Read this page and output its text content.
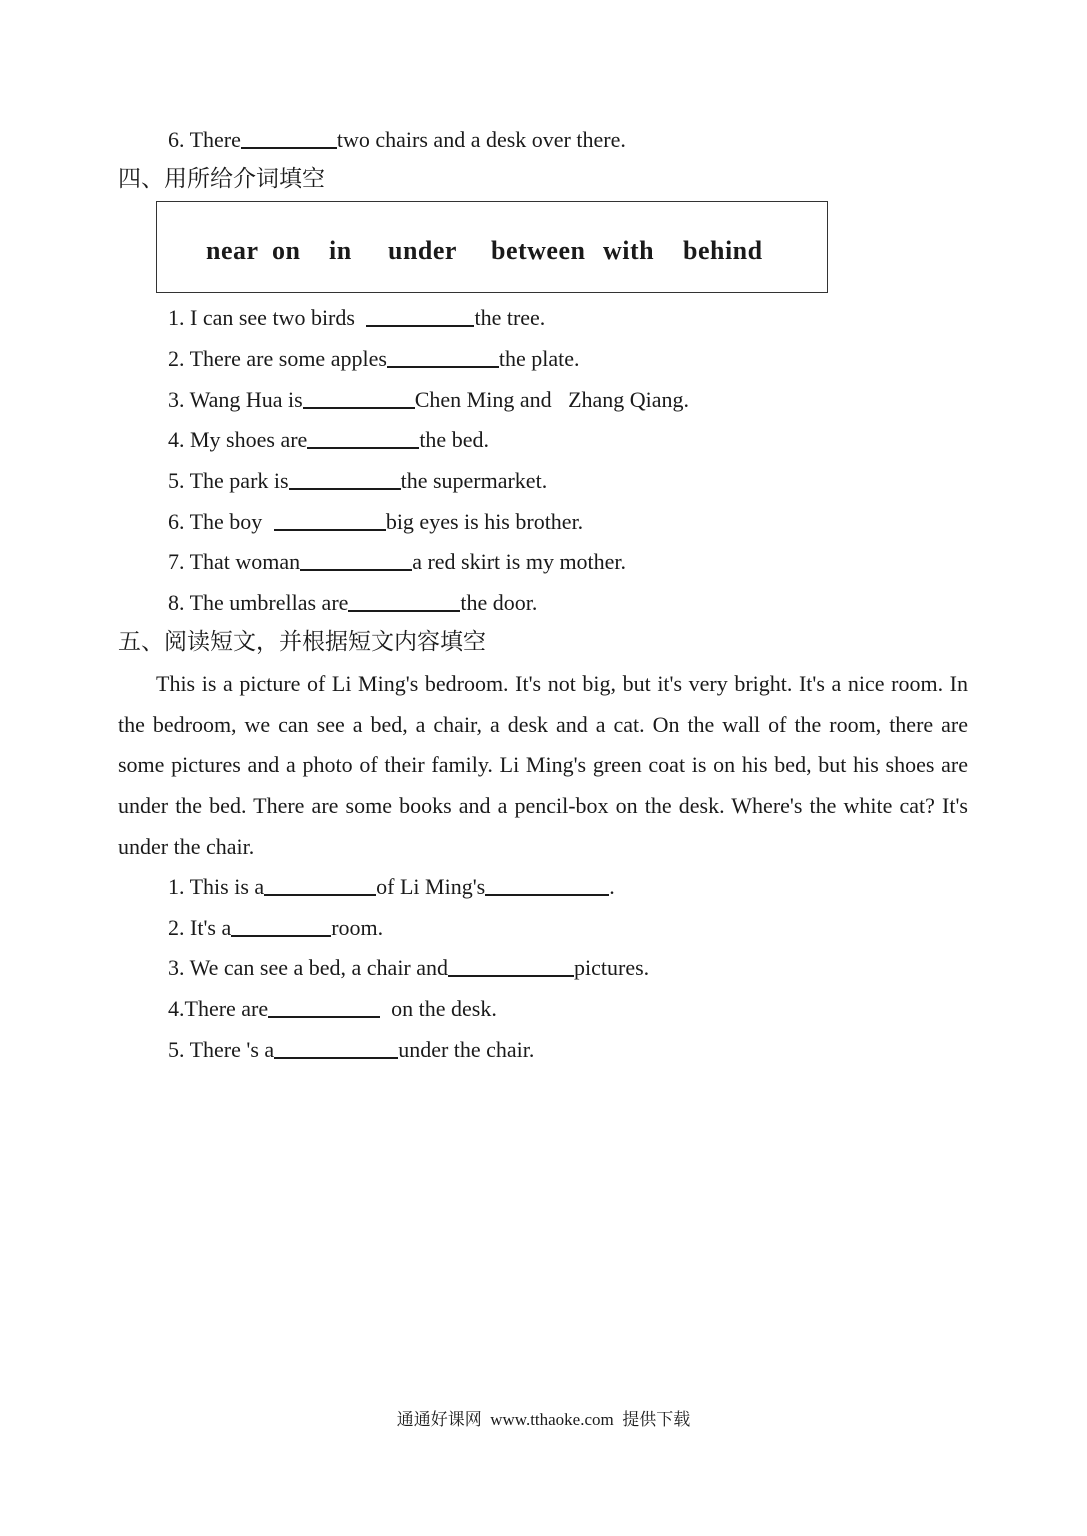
6. There	two chairs and a desk over there.
四、用所给介词填空
near on in under between with behind
1. I can see two birds	the tree.
2. There are some apples	the plate.
3. Wang Hua is	Chen Ming and   Zhang Qiang.
4. My shoes are	the bed.
5. The park is	the supermarket.
6. The boy	big eyes is his brother.
7. That woman	a red skirt is my mother.
8. The umbrellas are	the door.
五、阅读短文，并根据短文内容填空

This is a picture of Li Ming's bedroom. It's not big, but it's very bright. It's a nice room. In the bedroom, we can see a bed, a chair, a desk and a cat. On the wall of the room, there are some pictures and a photo of their family. Li Ming's green coat is on his bed, but his shoes are under the bed. There are some books and a pencil-box on the desk. Where's the white cat? It's under the chair.

1. This is a	of Li Ming's	.
2. It's a	room.
3. We can see a bed, a chair and	pictures.
4.There are	on the desk.
5. There 's a	under the chair.
通通好课网 www.tthaoke.com 提供下载
